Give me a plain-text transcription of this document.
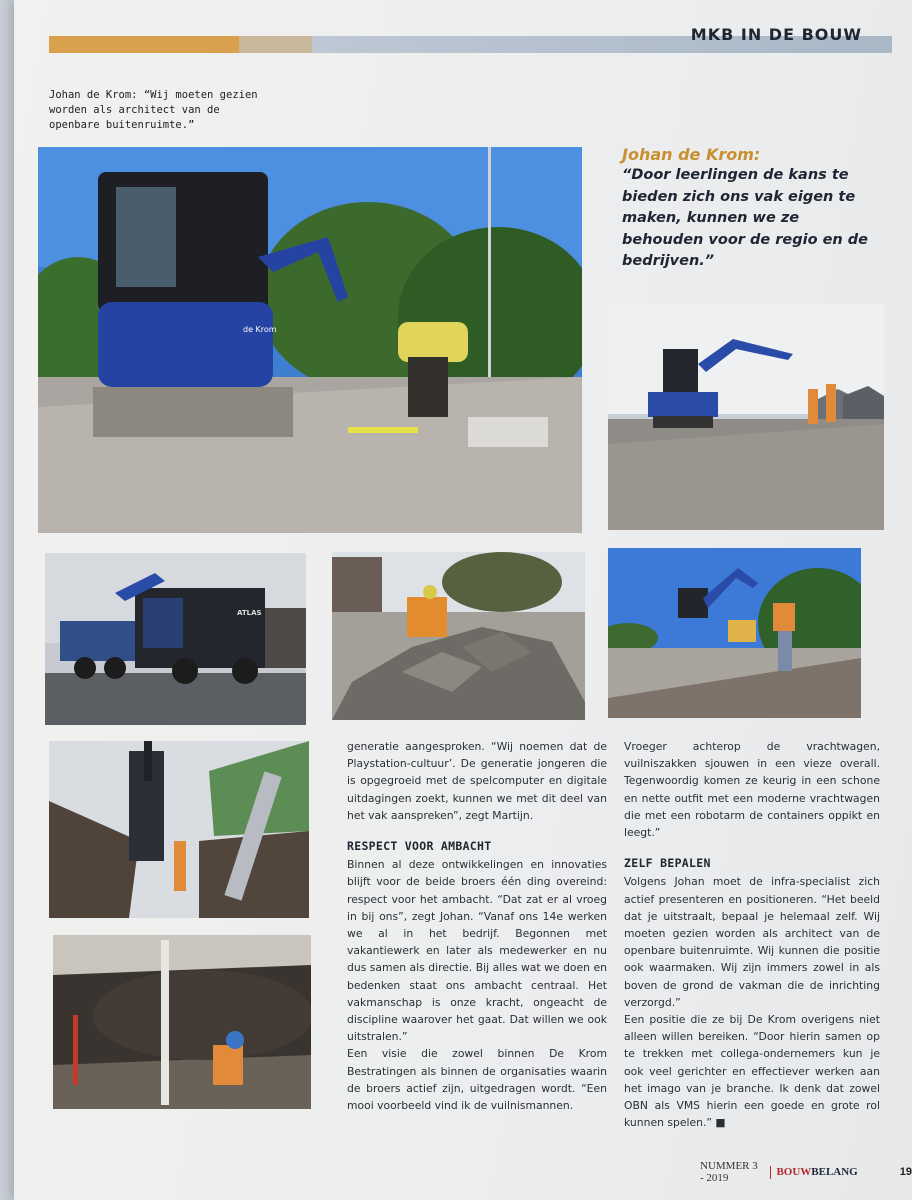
MKB IN DE BOUW
Johan de Krom: “Wij moeten gezien worden als architect van de openbare buitenruimte.”
de Krom
Johan de Krom:
“Door leerlingen de kans te bieden zich ons vak eigen te maken, kunnen we ze behouden voor de regio en de bedrijven.”
ATLAS

generatie aangesproken. “Wij noemen dat de Playstation-cultuur’. De generatie jongeren die is opgegroeid met de spelcomputer en digitale uitdagingen zoekt, kunnen we met dit deel van het vak aanspreken”, zegt Martijn.

RESPECT VOOR AMBACHT

Binnen al deze ontwikkelingen en innovaties blijft voor de beide broers één ding overeind: respect voor het ambacht. “Dat zat er al vroeg in bij ons”, zegt Johan. “Vanaf ons 14e werken we al in het bedrijf. Begonnen met vakantiewerk en later als medewerker en nu dus samen als directie. Bij alles wat we doen en bedenken staat ons ambacht centraal. Het vakmanschap is onze kracht, ongeacht de discipline waarover het gaat. Dat willen we ook uitstralen.”

Een visie die zowel binnen De Krom Bestratingen als binnen de organisaties waarin de broers actief zijn, uitgedragen wordt. “Een mooi voorbeeld vind ik de vuilnismannen.

Vroeger achterop de vrachtwagen, vuilniszakken sjouwen in een vieze overall. Tegenwoordig komen ze keurig in een schone en nette outfit met een moderne vrachtwagen die met een robotarm de containers oppikt en leegt.”

ZELF BEPALEN

Volgens Johan moet de infra-specialist zich actief presenteren en positioneren. “Het beeld dat je uitstraalt, bepaal je helemaal zelf. Wij moeten gezien worden als architect van de openbare buitenruimte. Wij kunnen die positie ook waarmaken. Wij zijn immers zowel in als boven de grond de vakman die de inrichting verzorgd.”

Een positie die ze bij De Krom overigens niet alleen willen bereiken. “Door hierin samen op te trekken met collega-ondernemers kun je ook veel gerichter en effectiever werken aan het imago van je branche. Ik denk dat zowel OBN als VMS hierin een goede en grote rol kunnen spelen.” ■

NUMMER 3 - 2019	BOUWBELANG	19
